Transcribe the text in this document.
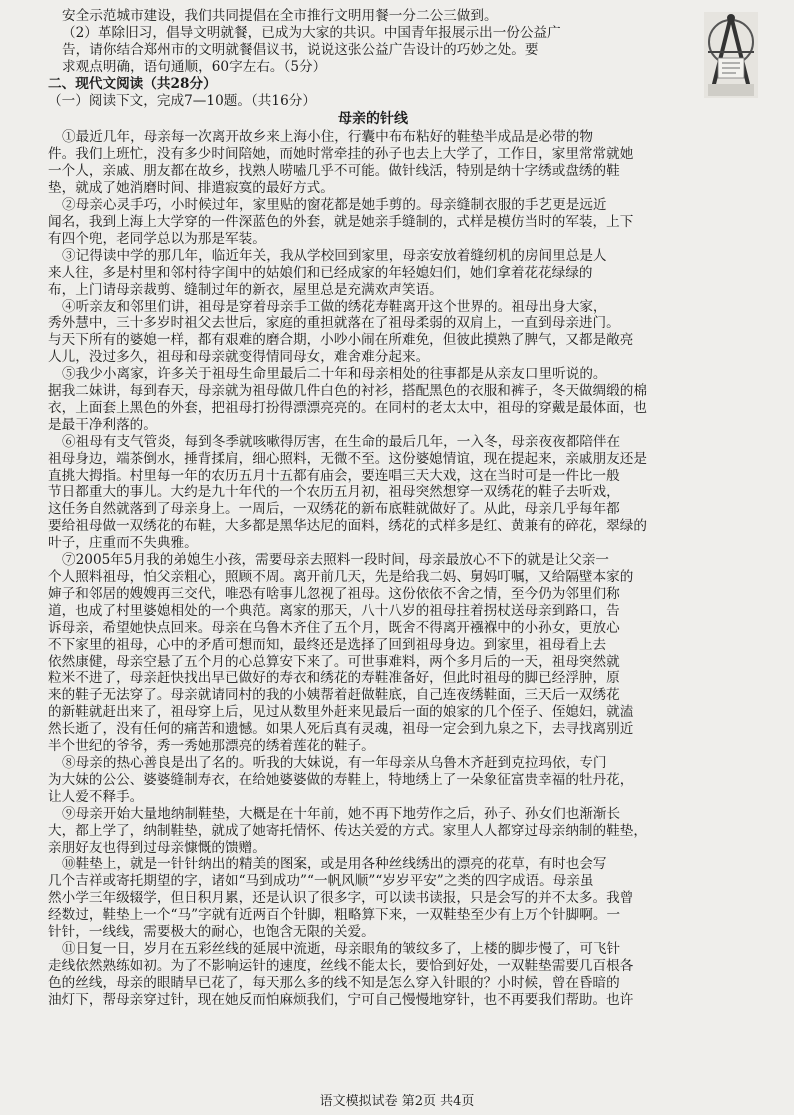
安全示范城市建设，我们共同提倡在全市推行文明用餐一分二公三做到。
（2）革除旧习，倡导文明就餐，已成为大家的共识。中国青年报展示出一份公益广
告，请你结合郑州市的文明就餐倡议书，说说这张公益广告设计的巧妙之处。要
求观点明确，语句通顺，60字左右。（5分）
二、现代文阅读（共28分）
（一）阅读下文，完成7—10题。（共16分）
母亲的针线
①最近几年，母亲每一次离开故乡来上海小住，行囊中布布粘好的鞋垫半成品是必带的物
件。我们上班忙，没有多少时间陪她，而她时常牵挂的孙子也去上大学了，工作日，家里常常就她
一个人，亲戚、朋友都在故乡，找熟人唠嗑几乎不可能。做针线活，特别是纳十字绣或盘绣的鞋
垫，就成了她消磨时间、排遣寂寞的最好方式。
②母亲心灵手巧，小时候过年，家里贴的窗花都是她手剪的。母亲缝制衣服的手艺更是远近
闻名，我到上海上大学穿的一件深蓝色的外套，就是她亲手缝制的，式样是模仿当时的军装，上下
有四个兜，老同学总以为那是军装。
③记得读中学的那几年，临近年关，我从学校回到家里，母亲安放着缝纫机的房间里总是人
来人往，多是村里和邻村待字闺中的姑娘们和已经成家的年轻媳妇们，她们拿着花花绿绿的
布，上门请母亲裁剪、缝制过年的新衣，屋里总是充满欢声笑语。
④听亲友和邻里们讲，祖母是穿着母亲手工做的绣花寿鞋离开这个世界的。祖母出身大家，
秀外慧中，三十多岁时祖父去世后，家庭的重担就落在了祖母柔弱的双肩上，一直到母亲进门。
与天下所有的婆媳一样，都有艰难的磨合期，小吵小闹在所难免，但彼此摸熟了脾气，又都是敞亮
人儿，没过多久，祖母和母亲就变得情同母女，难舍难分起来。
⑤我少小离家，许多关于祖母生命里最后二十年和母亲相处的往事都是从亲友口里听说的。
据我二妹讲，每到春天，母亲就为祖母做几件白色的衬衫，搭配黑色的衣服和裤子，冬天做绸缎的棉
衣，上面套上黑色的外套，把祖母打扮得漂漂亮亮的。在同村的老太太中，祖母的穿戴是最体面，也
是最干净利落的。
⑥祖母有支气管炎，每到冬季就咳嗽得厉害，在生命的最后几年，一入冬，母亲夜夜都陪伴在
祖母身边，端茶倒水，捶背揉肩，细心照料，无微不至。这份婆媳情谊，现在提起来，亲戚朋友还是
直挑大拇指。村里每一年的农历五月十五都有庙会，要连唱三天大戏，这在当时可是一件比一般
节日都重大的事儿。大约是九十年代的一个农历五月初，祖母突然想穿一双绣花的鞋子去听戏，
这任务自然就落到了母亲身上。一周后，一双绣花的新布底鞋就做好了。从此，母亲几乎每年都
要给祖母做一双绣花的布鞋，大多都是黑华达尼的面料，绣花的式样多是红、黄兼有的碎花，翠绿的
叶子，庄重而不失典雅。
⑦2005年5月我的弟媳生小孩，需要母亲去照料一段时间，母亲最放心不下的就是让父亲一
个人照料祖母，怕父亲粗心，照顾不周。离开前几天，先是给我二妈、舅妈叮嘱，又给隔壁本家的
婶子和邻居的嫂嫂再三交代，唯恐有啥事儿忽视了祖母。这份依依不舍之情，至今仍为邻里们称
道，也成了村里婆媳相处的一个典范。离家的那天，八十八岁的祖母拄着拐杖送母亲到路口，告
诉母亲，希望她快点回来。母亲在乌鲁木齐住了五个月，既舍不得离开襁褓中的小孙女，更放心
不下家里的祖母，心中的矛盾可想而知，最终还是选择了回到祖母身边。到家里，祖母看上去
依然康健，母亲空悬了五个月的心总算安下来了。可世事难料，两个多月后的一天，祖母突然就
粒米不进了，母亲赶快找出早已做好的寿衣和绣花的寿鞋准备好，但此时祖母的脚已经浮肿，原
来的鞋子无法穿了。母亲就请同村的我的小姨帮着赶做鞋底，自己连夜绣鞋面，三天后一双绣花
的新鞋就赶出来了，祖母穿上后，见过从数里外赶来见最后一面的娘家的几个侄子、侄媳妇，就溘
然长逝了，没有任何的痛苦和遗憾。如果人死后真有灵魂，祖母一定会到九泉之下，去寻找离别近
半个世纪的爷爷，秀一秀她那漂亮的绣着莲花的鞋子。
⑧母亲的热心善良是出了名的。听我的大妹说，有一年母亲从乌鲁木齐赶到克拉玛依，专门
为大妹的公公、婆婆缝制寿衣，在给她婆婆做的寿鞋上，特地绣上了一朵象征富贵幸福的牡丹花，
让人爱不释手。
⑨母亲开始大量地纳制鞋垫，大概是在十年前，她不再下地劳作之后，孙子、孙女们也渐渐长
大，都上学了，纳制鞋垫，就成了她寄托情怀、传达关爱的方式。家里人人都穿过母亲纳制的鞋垫，
亲朋好友也得到过母亲慷慨的馈赠。
⑩鞋垫上，就是一针针纳出的精美的图案，或是用各种丝线绣出的漂亮的花草，有时也会写
几个吉祥或寄托期望的字，诸如“马到成功”“一帆风顺”“岁岁平安”之类的四字成语。母亲虽
然小学三年级辍学，但日积月累，还是认识了很多字，可以读书读报，只是会写的并不太多。我曾
经数过，鞋垫上一个“马”字就有近两百个针脚，粗略算下来，一双鞋垫至少有上万个针脚啊。一
针针，一线线，需要极大的耐心，也饱含无限的关爱。
⑪日复一日，岁月在五彩丝线的延展中流逝，母亲眼角的皱纹多了，上楼的脚步慢了，可飞针
走线依然熟练如初。为了不影响运针的速度，丝线不能太长，要恰到好处，一双鞋垫需要几百根各
色的丝线，母亲的眼睛早已花了，每天那么多的线不知是怎么穿入针眼的？小时候，曾在昏暗的
油灯下，帮母亲穿过针，现在她反而怕麻烦我们，宁可自己慢慢地穿针，也不再要我们帮助。也许
语文模拟试卷 第2页 共4页
